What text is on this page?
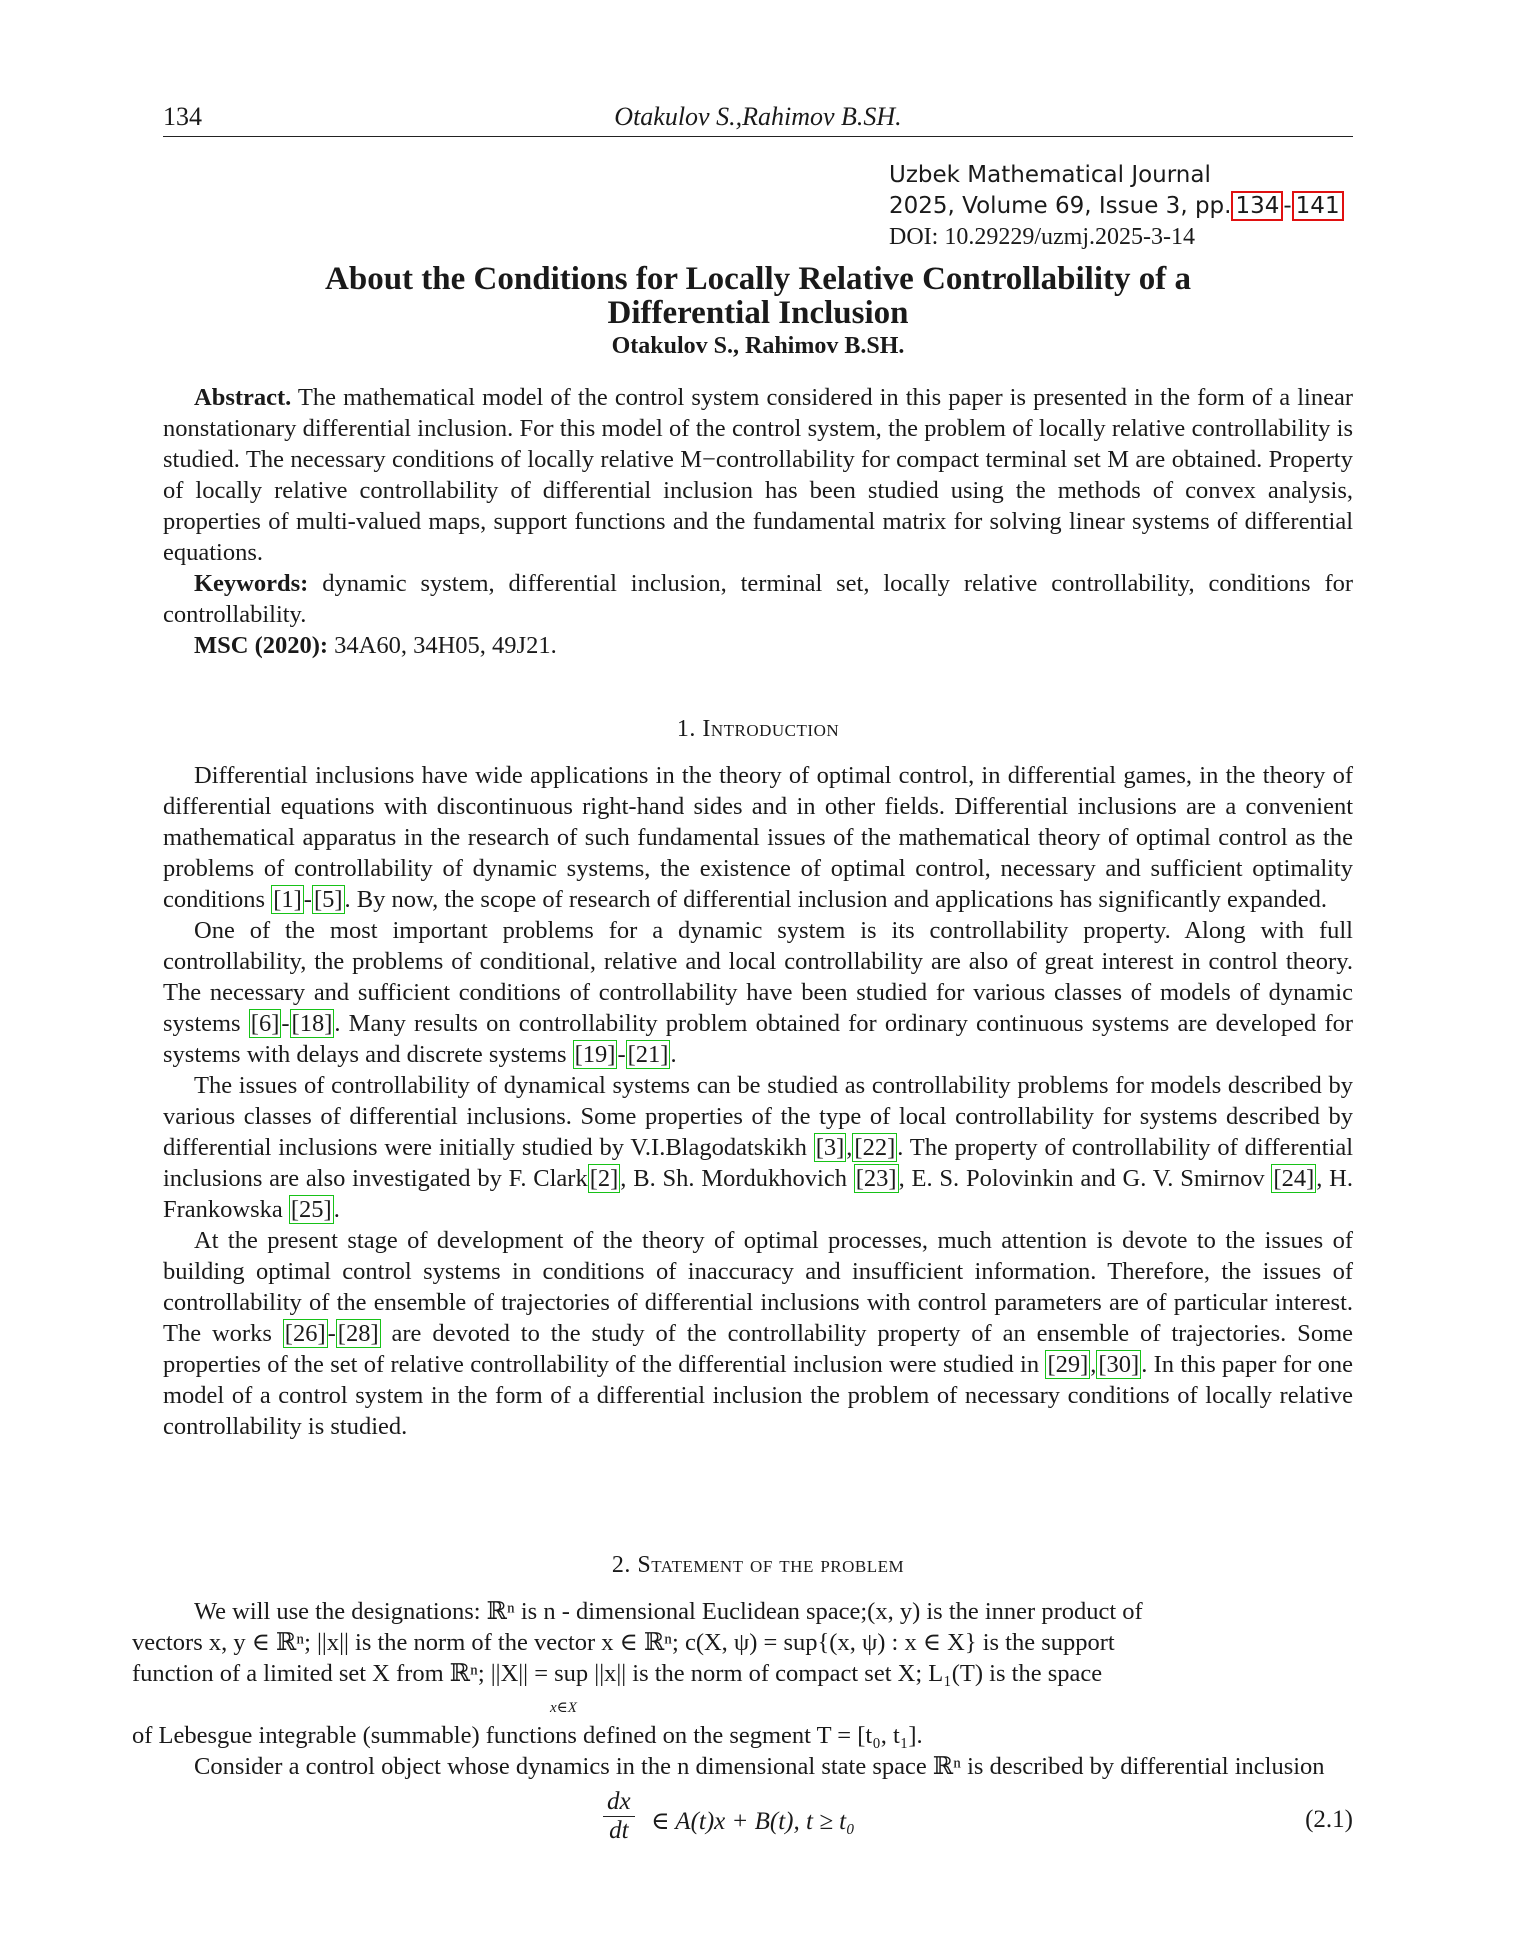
134	Otakulov S.,Rahimov B.SH.
Uzbek Mathematical Journal
2025, Volume 69, Issue 3, pp. 134 - 141
DOI: 10.29229/uzmj.2025-3-14
About the Conditions for Locally Relative Controllability of a
Differential Inclusion
Otakulov S., Rahimov B.SH.

Abstract. The mathematical model of the control system considered in this paper is presented in the form of a linear nonstationary differential inclusion. For this model of the control system, the problem of locally relative controllability is studied. The necessary conditions of locally relative M−controllability for compact terminal set M are obtained. Property of locally relative controllability of differential inclusion has been studied using the methods of convex analysis, properties of multi-valued maps, support functions and the fundamental matrix for solving linear systems of differential equations.

Keywords: dynamic system, differential inclusion, terminal set, locally relative controllability, conditions for controllability.

MSC (2020): 34A60, 34H05, 49J21.

1. Introduction

Differential inclusions have wide applications in the theory of optimal control, in differential games, in the theory of differential equations with discontinuous right-hand sides and in other fields. Differential inclusions are a convenient mathematical apparatus in the research of such fundamental issues of the mathematical theory of optimal control as the problems of controllability of dynamic systems, the existence of optimal control, necessary and sufficient optimality conditions [1]-[5]. By now, the scope of research of differential inclusion and applications has significantly expanded.

One of the most important problems for a dynamic system is its controllability property. Along with full controllability, the problems of conditional, relative and local controllability are also of great interest in control theory. The necessary and sufficient conditions of controllability have been studied for various classes of models of dynamic systems [6]-[18]. Many results on controllability problem obtained for ordinary continuous systems are developed for systems with delays and discrete systems [19]-[21].

The issues of controllability of dynamical systems can be studied as controllability problems for models described by various classes of differential inclusions. Some properties of the type of local controllability for systems described by differential inclusions were initially studied by V.I.Blagodatskikh [3],[22]. The property of controllability of differential inclusions are also investigated by F. Clark[2], B. Sh. Mordukhovich [23], E. S. Polovinkin and G. V. Smirnov [24], H. Frankowska [25].

At the present stage of development of the theory of optimal processes, much attention is devote to the issues of building optimal control systems in conditions of inaccuracy and insufficient information. Therefore, the issues of controllability of the ensemble of trajectories of differential inclusions with control parameters are of particular interest. The works [26]-[28] are devoted to the study of the controllability property of an ensemble of trajectories. Some properties of the set of relative controllability of the differential inclusion were studied in [29],[30]. In this paper for one model of a control system in the form of a differential inclusion the problem of necessary conditions of locally relative controllability is studied.

2. Statement of the problem

We will use the designations: ℝⁿ is n - dimensional Euclidean space;(x, y) is the inner product of
vectors x, y ∈ ℝⁿ; ||x|| is the norm of the vector x ∈ ℝⁿ; c(X, ψ) = sup{(x, ψ) : x ∈ X} is the support
function of a limited set X from ℝⁿ; ||X|| = sup ||x|| is the norm of compact set X; L₁(T) is the space
x∈X
of Lebesgue integrable (summable) functions defined on the segment T = [t₀, t₁].

Consider a control object whose dynamics in the n dimensional state space ℝⁿ is described by differential inclusion

$\frac{dx}{dt}$ ∈ A(t)x + B(t), t ≥ t₀	(2.1)
